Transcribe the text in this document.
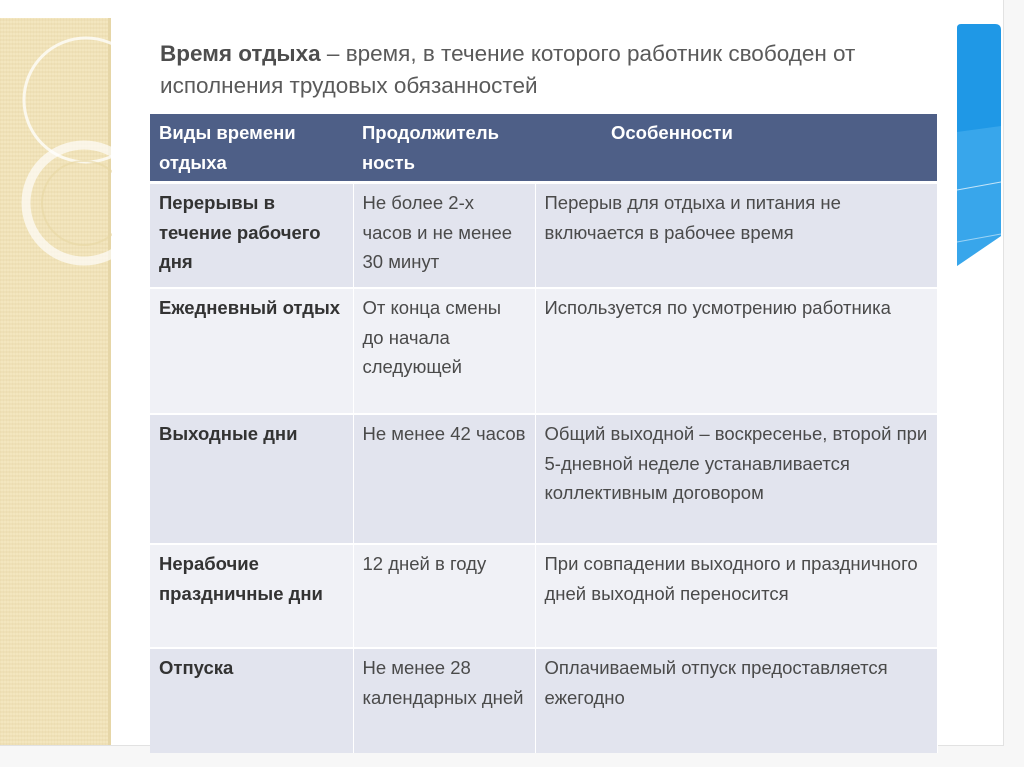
Время отдыха – время, в течение которого работник свободен от исполнения трудовых обязанностей
Виды времени отдыха	Продолжитель ность	Особенности
Перерывы в течение рабочего дня	Не более 2-х часов и не менее 30 минут	Перерыв для отдыха и питания не включается в рабочее время
Ежедневный отдых	От конца смены до начала следующей	Используется по усмотрению работника
Выходные дни	Не менее 42 часов	Общий выходной – воскресенье, второй при 5-дневной неделе устанавливается коллективным договором
Нерабочие праздничные дни	12 дней в году	При совпадении выходного и праздничного дней выходной переносится
Отпуска	Не менее 28 календарных дней	Оплачиваемый отпуск предоставляется ежегодно
